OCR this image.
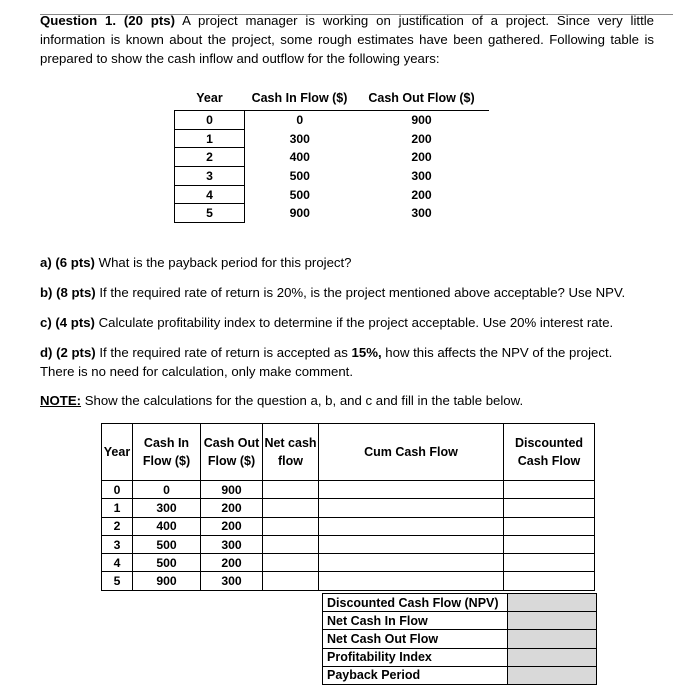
Question 1. (20 pts) A project manager is working on justification of a project. Since very little information is known about the project, some rough estimates have been gathered. Following table is prepared to show the cash inflow and outflow for the following years:
Year	Cash In Flow ($)	Cash Out Flow ($)
0	0	900
1	300	200
2	400	200
3	500	300
4	500	200
5	900	300
a) (6 pts) What is the payback period for this project?
b) (8 pts) If the required rate of return is 20%, is the project mentioned above acceptable? Use NPV.
c) (4 pts) Calculate profitability index to determine if the project acceptable. Use 20% interest rate.
d) (2 pts) If the required rate of return is accepted as 15%, how this affects the NPV of the project.
There is no need for calculation, only make comment.
NOTE: Show the calculations for the question a, b, and c and fill in the table below.
Year	Cash In Flow ($)	Cash Out Flow ($)	Net cash flow	Cum Cash Flow	Discounted Cash Flow
0	0	900			
1	300	200			
2	400	200			
3	500	300			
4	500	200			
5	900	300			
Discounted Cash Flow (NPV)	
Net Cash In Flow	
Net Cash Out Flow	
Profitability Index	
Payback Period	
